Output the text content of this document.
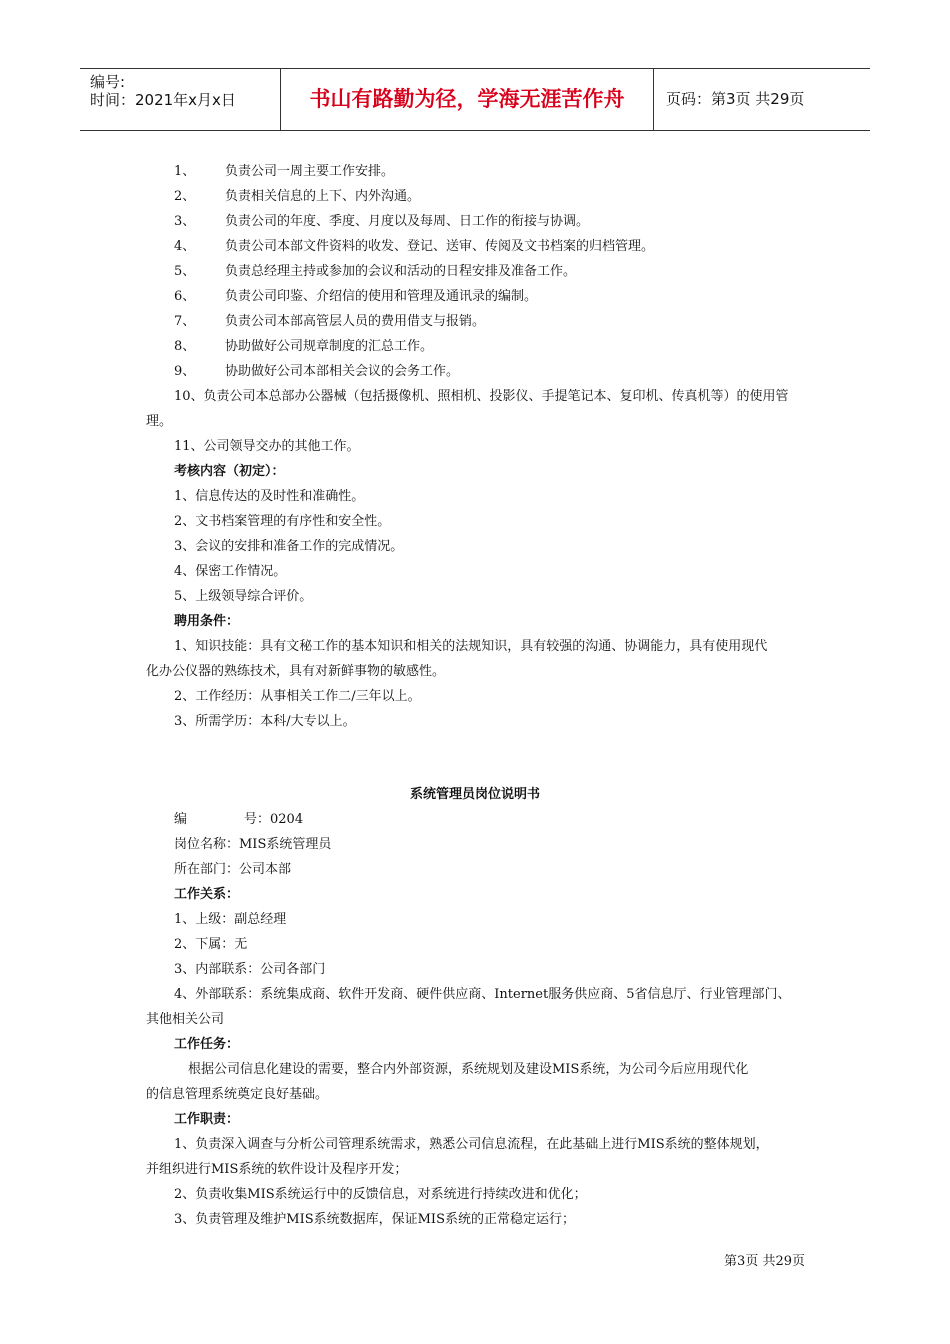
编号:
时间：2021年x月x日	书山有路勤为径，学海无涯苦作舟	页码：第3页 共29页
1、 负责公司一周主要工作安排。
2、 负责相关信息的上下、内外沟通。
3、 负责公司的年度、季度、月度以及每周、日工作的衔接与协调。
4、 负责公司本部文件资料的收发、登记、送审、传阅及文书档案的归档管理。
5、 负责总经理主持或参加的会议和活动的日程安排及准备工作。
6、 负责公司印鉴、介绍信的使用和管理及通讯录的编制。
7、 负责公司本部高管层人员的费用借支与报销。
8、 协助做好公司规章制度的汇总工作。
9、 协助做好公司本部相关会议的会务工作。
10、负责公司本总部办公器械（包括摄像机、照相机、投影仪、手提笔记本、复印机、传真机等）的使用管
理。
11、公司领导交办的其他工作。
考核内容（初定）：
1、信息传达的及时性和准确性。
2、文书档案管理的有序性和安全性。
3、会议的安排和准备工作的完成情况。
4、保密工作情况。
5、上级领导综合评价。
聘用条件：
1、知识技能：具有文秘工作的基本知识和相关的法规知识，具有较强的沟通、协调能力，具有使用现代
化办公仪器的熟练技术，具有对新鲜事物的敏感性。
2、工作经历：从事相关工作二/三年以上。
3、所需学历：本科/大专以上。
系统管理员岗位说明书
编	号：0204
岗位名称：MIS系统管理员
所在部门：公司本部
工作关系：
1、上级：副总经理
2、下属：无
3、内部联系：公司各部门
4、外部联系：系统集成商、软件开发商、硬件供应商、Internet服务供应商、5省信息厅、行业管理部门、
其他相关公司
工作任务：
根据公司信息化建设的需要，整合内外部资源，系统规划及建设MIS系统，为公司今后应用现代化
的信息管理系统奠定良好基础。
工作职责：
1、负责深入调查与分析公司管理系统需求，熟悉公司信息流程，在此基础上进行MIS系统的整体规划，
并组织进行MIS系统的软件设计及程序开发；
2、负责收集MIS系统运行中的反馈信息，对系统进行持续改进和优化；
3、负责管理及维护MIS系统数据库，保证MIS系统的正常稳定运行；
第3页 共29页
